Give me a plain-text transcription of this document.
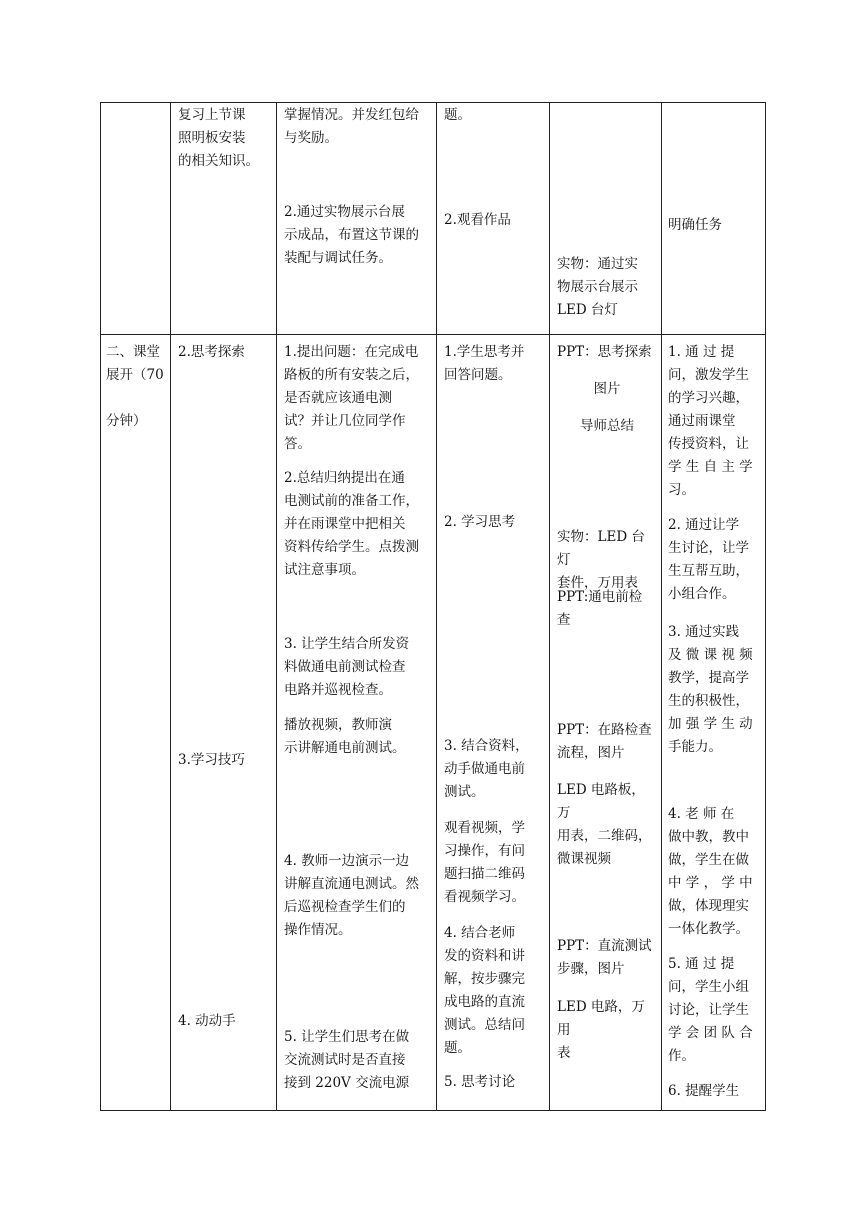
复习上节课
照明板安装
的相关知识。
掌握情况。并发红包给
与奖励。
2.通过实物展示台展
示成品，布置这节课的
装配与调试任务。
题。
2.观看作品
实物：通过实
物展示台展示
LED 台灯
明确任务
二、课堂
展开（70

分钟）
2.思考探索
3.学习技巧
4. 动动手
1.提出问题：在完成电
路板的所有安装之后，
是否就应该通电测
试？并让几位同学作
答。
2.总结归纳提出在通
电测试前的准备工作，
并在雨课堂中把相关
资料传给学生。点拨测
试注意事项。
3. 让学生结合所发资
料做通电前测试检查
电路并巡视检查。
播放视频，教师演
示讲解通电前测试。
4. 教师一边演示一边
讲解直流通电测试。然
后巡视检查学生们的
操作情况。
5. 让学生们思考在做
交流测试时是否直接
接到 220V 交流电源
1.学生思考并
回答问题。
2. 学习思考
3. 结合资料，
动手做通电前
测试。
观看视频，学
习操作，有问
题扫描二维码
看视频学习。
4. 结合老师
发的资料和讲
解，按步骤完
成电路的直流
测试。总结问
题。
5. 思考讨论
PPT：思考探索
图片
导师总结
实物：LED 台灯
套件，万用表
PPT:通电前检
查
PPT：在路检查
流程，图片
LED 电路板，万
用表，二维码，
微课视频
PPT：直流测试
步骤，图片
LED 电路，万用
表
1. 通 过 提
问，激发学生
的学习兴趣，
通过雨课堂
传授资料，让
学 生 自 主 学
习。
2. 通过让学
生讨论，让学
生互帮互助，
小组合作。
3. 通过实践
及 微 课 视 频
教学，提高学
生的积极性，
加 强 学 生 动
手能力。
4. 老 师 在
做中教，教中
做，学生在做
中 学 ， 学 中
做，体现理实
一体化教学。
5. 通 过 提
问，学生小组
讨论，让学生
学 会 团 队 合
作。
6. 提醒学生
